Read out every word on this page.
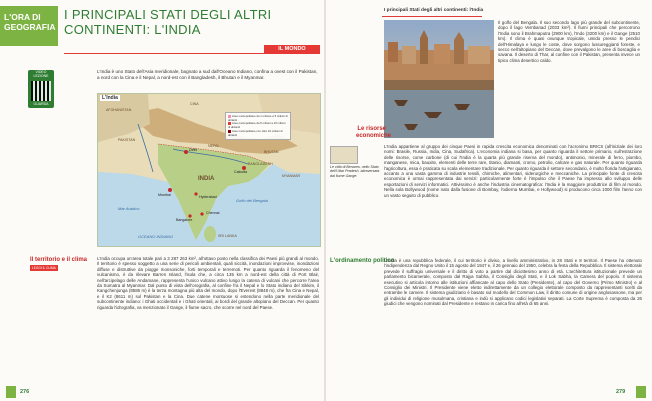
L'ORA DI GEOGRAFIA
I PRINCIPALI STATI DEGLI ALTRI CONTINENTI: L'INDIA
IL MONDO
VIDEO LEZIONE
GUARDA
L'India è uno Stato dell'Asia meridionale, bagnato a sud dall'Oceano Indiano, confina a ovest con il Pakistan, a nord con la Cina e il Nepal, a nord-est con il Bangladesh, il Bhutan e il Myanmar.
L'India
Aree metropolitane da 1 milione a 5 milioni di abitanti
Aree metropolitane da 5 milioni a 10 milioni di abitanti
Aree metropolitane con oltre 10 milioni di abitanti
AFGHANISTAN
PAKISTAN
NEPAL
BHUTAN
BANGLADESH
MYANMAR
CINA
SRI LANKA
INDIA
Mar Arabico
Golfo del Bengala
OCEANO INDIANO
Delhi
Mumbai
Calcutta
Chennai
Bangalore
Hyderabad
Il territorio e il clima
LEGGI IL CLIMA
L'India occupa un'area totale pari a 3 287 263 km², all'ottavo posto nella classifica dei Paesi più grandi al mondo. Il territorio è spesso soggetto a una serie di pericoli ambientali, quali siccità, inondazioni improvvise, inondazioni diffuse e distruttive da piogge monsoniche, forti temporali e terremoti. Per quanto riguarda il fenomeno del vulcanismo, è da rilevare Barren Island, l'isola che, a circa 135 km a nord-est della città di Port Blair, nell'arcipelago delle Andamane, rappresenta l'unico vulcano attivo lungo la catena di vulcani che percorre l'area da Sumatra al Myanmar. Dal punto di vista dell'orografia, al confine fra il Nepal e lo Stato indiano del Sikkim, il Kangchenjunga (8586 m) è la terza montagna più alta del mondo, dopo l'Everest (8848 m), che fra Cina e Nepal, e il K2 (8611 m) sul Pakistan e la Cina. Due catene montuose si estendono nella parte meridionale del subcontinente indiano: i Ghati occidentali e i Ghati orientali, ai bordi del grande altopiano del Deccan. Per quanto riguarda l'idrografia, va menzionato il Gange, il fiume sacro, che scorre nel nord del Paese.
276
I principali Stati degli altri continenti: l'India
Il golfo del Bengala. Il suo secondo lago più grande del subcontinente, dopo il lago Vembanad (2033 km²). Il fiumi principali che percorrono l'India sono il Brahmaputra (2900 km), l'Indo (3200 km) e il Gange (2510 km). Il clima è quasi ovunque tropicale, umido presso le pendici dell'Himalaya e lungo le coste, dove sorgono lussureggianti foreste, e secco nell'altopiano del Deccan, dove prevalgono le aree di boscaglia e savana. Il deserto di Thar, al confine con il Pakistan, presenta invece un tipico clima desertico caldo.
Le risorse economiche
Le città di Benares, nello Stato dell'Uttar Pradesh, attraversata dal fiume Gange.
L'India appartiene al gruppo dei cinque Paesi in rapida crescita economica denominati con l'acronimo BRICS (all'iniziale dei loro nomi: Brasile, Russia, India, Cina, Sudafrica). L'economia indiana si basa, per quanto riguarda il settore primario, sull'estrazione delle risorse, come carbone (di cui l'India è la quarta più grande riserva del mondo), antimonio, minerale di ferro, piombo, manganese, mica, bauxite, elementi delle terre rare, titanio, diamanti, cromo, petrolio, calcare e gas naturale. Per quanto riguarda l'agricoltura, essa è praticata su scala elementare tradizionale. Per quanto riguarda il settore secondario, è molto florida l'artigianato, accanto a una vasta gamma di industrie tessili, chimiche, alimentari, siderurgiche e meccaniche. La principale fonte di crescita economica è ormai rappresentata dai servizi: particolarmente forte è l'impulso che il Paese ha impresso allo sviluppo delle esportazioni di servizi informatici. Attivissimo è anche l'industria cinematografica: l'India è la maggiore produttrice di film al mondo. Nella sola Bollywood (nome nato dalla fusione di Bombay, l'odierna Mumbai, e Hollywood) si producono circa 1000 film l'anno con un vasto seguito di pubblico.
L'ordinamento politico
L'India è una repubblica federale, il cui territorio è diviso, a livello amministrativo, in 28 Stati e 8 territori. Il Paese ha ottenuto l'indipendenza dal Regno Unito il 15 agosto del 1947 e, il 26 gennaio del 1950, celebra la festa della Repubblica. Il sistema elettorale prevede il suffragio universale e il diritto di voto a partire dal diciottesimo anno di età. L'architettura istituzionale prevede un parlamento bicamerale, composto dal Rajya Sabha, il Consiglio degli Stati, e il Lok Sabha, la Camera del popolo. Il sistema esecutivo si articola intorno alle istituzioni affiancate al capo dello Stato (Presidente), al capo del Governo (Primo Ministro) e al Consiglio dei Ministri. Il Presidente viene eletto indirettamente da un collegio elettorale composto da rappresentanti scelti da entrambe le camere. Il sistema giudiziario è basato sul modello del Common Law, il diritto comune di origine anglosassone, ma per gli individui di religione musulmana, cristiana e indù si applicano codici legislativi separati. La Corte Suprema è composta da 26 giudici che vengono nominati dal Presidente e restano in carica fino all'età di 65 anni.
279
